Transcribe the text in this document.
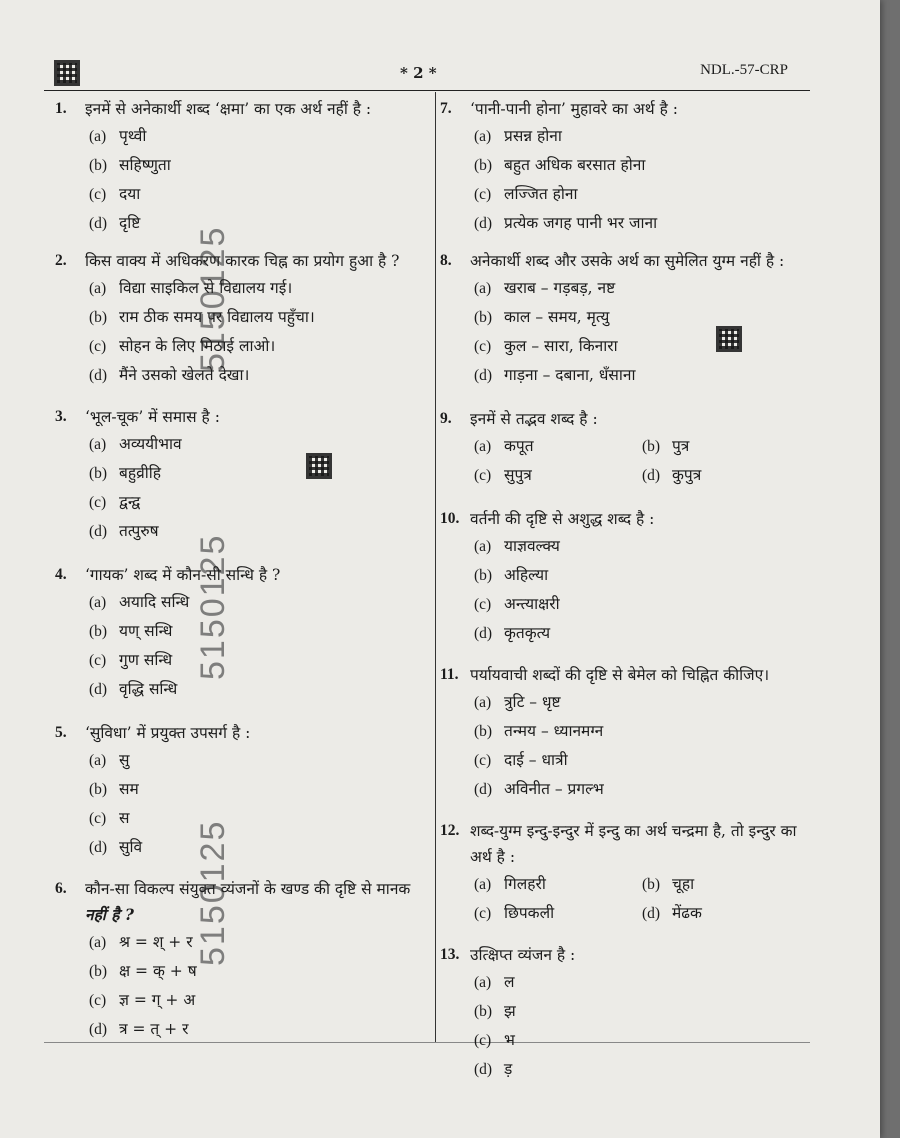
* 2 *	NDL.-57-CRP
5150125
5150125
5150125
1.	इनमें से अनेकार्थी शब्द ‘क्षमा’ का एक अर्थ नहीं है :
(a) पृथ्वी
(b) सहिष्णुता
(c) दया
(d) दृष्टि
2.	किस वाक्य में अधिकरण कारक चिह्न का प्रयोग हुआ है ?
(a) विद्या साइकिल से विद्यालय गई।
(b) राम ठीक समय पर विद्यालय पहुँचा।
(c) सोहन के लिए मिठाई लाओ।
(d) मैंने उसको खेलते देखा।
3.	‘भूल-चूक’ में समास है :
(a) अव्ययीभाव
(b) बहुव्रीहि
(c) द्वन्द्व
(d) तत्पुरुष
4.	‘गायक’ शब्द में कौन-सी सन्धि है ?
(a) अयादि सन्धि
(b) यण् सन्धि
(c) गुण सन्धि
(d) वृद्धि सन्धि
5.	‘सुविधा’ में प्रयुक्त उपसर्ग है :
(a) सु
(b) सम
(c) स
(d) सुवि
6.	कौन-सा विकल्प संयुक्त व्यंजनों के खण्ड की दृष्टि से मानक
नहीं है ?
(a) श्र = श् + र
(b) क्ष = क् + ष
(c) ज्ञ = ग् + अ
(d) त्र = त् + र
7.	‘पानी-पानी होना’ मुहावरे का अर्थ है :
(a) प्रसन्न होना
(b) बहुत अधिक बरसात होना
(c) लज्जित होना
(d) प्रत्येक जगह पानी भर जाना
8.	अनेकार्थी शब्द और उसके अर्थ का सुमेलित युग्म नहीं है :
(a) खराब – गड़बड़, नष्ट
(b) काल – समय, मृत्यु
(c) कुल – सारा, किनारा
(d) गाड़ना – दबाना, धँसाना
9.	इनमें से तद्भव शब्द है :
(a) कपूत	(b) पुत्र
(c) सुपुत्र	(d) कुपुत्र
10. वर्तनी की दृष्टि से अशुद्ध शब्द है :
(a) याज्ञवल्क्य
(b) अहिल्या
(c) अन्त्याक्षरी
(d) कृतकृत्य
11. पर्यायवाची शब्दों की दृष्टि से बेमेल को चिह्नित कीजिए।
(a) त्रुटि – धृष्ट
(b) तन्मय – ध्यानमग्न
(c) दाई – धात्री
(d) अविनीत – प्रगल्भ
12. शब्द-युग्म इन्दु-इन्दुर में इन्दु का अर्थ चन्द्रमा है, तो इन्दुर का
अर्थ है :
(a) गिलहरी	(b) चूहा
(c) छिपकली	(d) मेंढक
13. उत्क्षिप्त व्यंजन है :
(a) ल
(b) झ
(c) भ
(d) ड़
